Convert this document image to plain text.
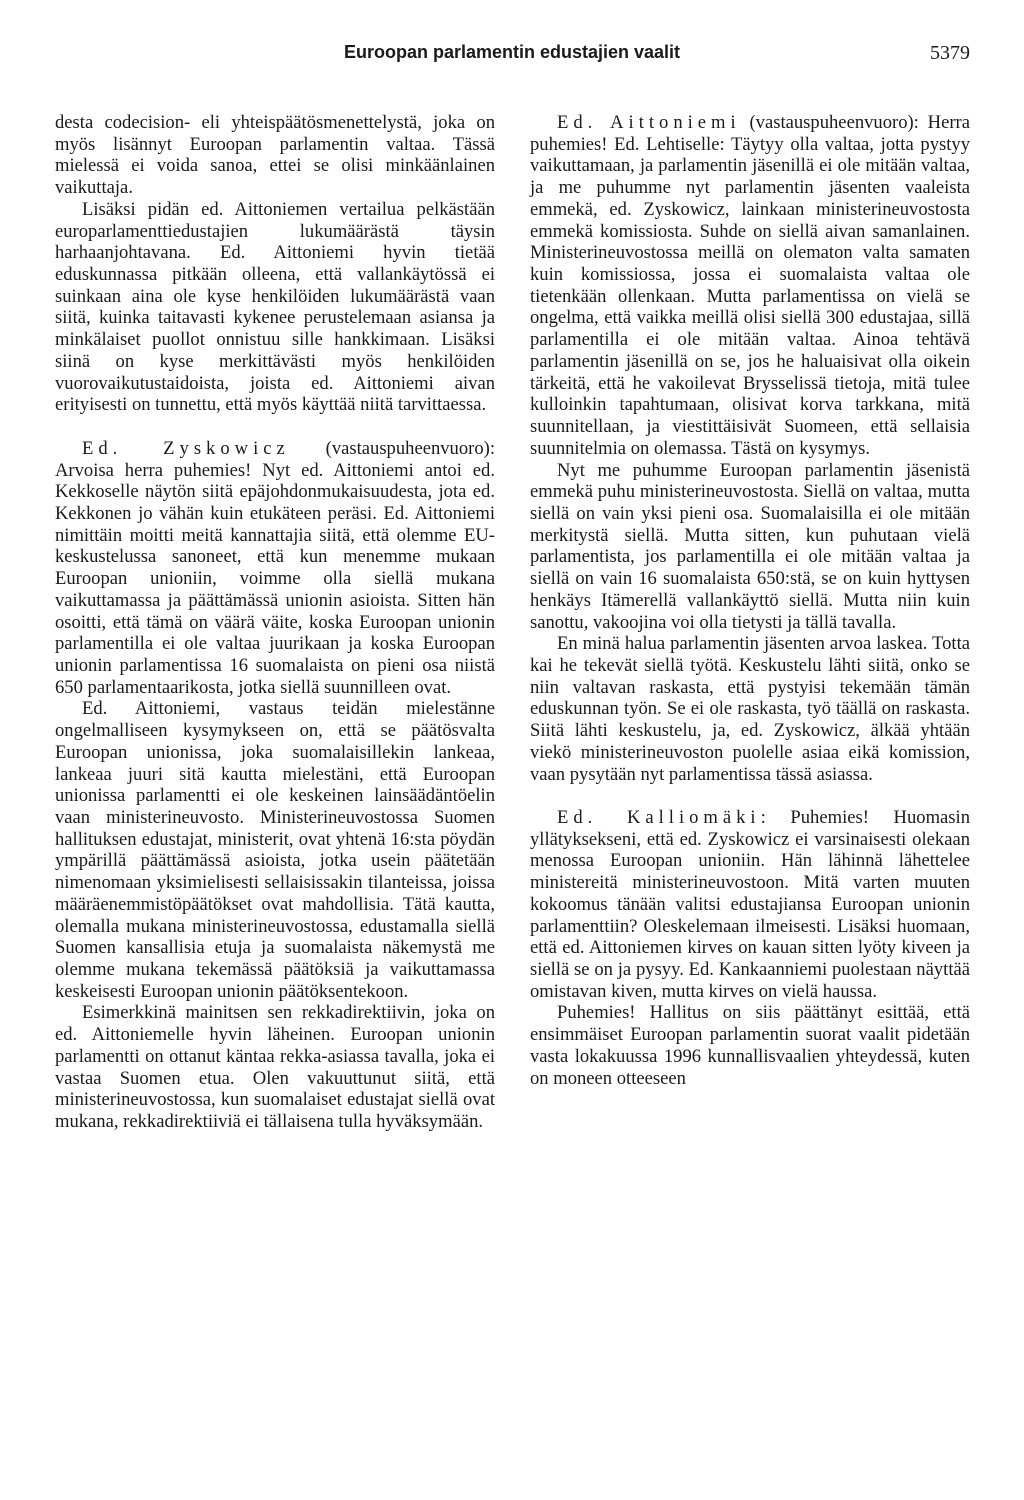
Euroopan parlamentin edustajien vaalit	5379

desta codecision- eli yhteispäätösmenettelystä, joka on myös lisännyt Euroopan parlamentin valtaa. Tässä mielessä ei voida sanoa, ettei se olisi minkäänlainen vaikuttaja.

Lisäksi pidän ed. Aittoniemen vertailua pelkästään europarlamenttiedustajien lukumäärästä täysin harhaanjohtavana. Ed. Aittoniemi hyvin tietää eduskunnassa pitkään olleena, että vallankäytössä ei suinkaan aina ole kyse henkilöiden lukumäärästä vaan siitä, kuinka taitavasti kykenee perustelemaan asiansa ja minkälaiset puollot onnistuu sille hankkimaan. Lisäksi siinä on kyse merkittävästi myös henkilöiden vuorovaikutustaidoista, joista ed. Aittoniemi aivan erityisesti on tunnettu, että myös käyttää niitä tarvittaessa.

Ed. Zyskowicz (vastauspuheenvuoro): Arvoisa herra puhemies! Nyt ed. Aittoniemi antoi ed. Kekkoselle näytön siitä epäjohdonmukaisuudesta, jota ed. Kekkonen jo vähän kuin etukäteen peräsi. Ed. Aittoniemi nimittäin moitti meitä kannattajia siitä, että olemme EU-keskustelussa sanoneet, että kun menemme mukaan Euroopan unioniin, voimme olla siellä mukana vaikuttamassa ja päättämässä unionin asioista. Sitten hän osoitti, että tämä on väärä väite, koska Euroopan unionin parlamentilla ei ole valtaa juurikaan ja koska Euroopan unionin parlamentissa 16 suomalaista on pieni osa niistä 650 parlamentaarikosta, jotka siellä suunnilleen ovat.

Ed. Aittoniemi, vastaus teidän mielestänne ongelmalliseen kysymykseen on, että se päätösvalta Euroopan unionissa, joka suomalaisillekin lankeaa, lankeaa juuri sitä kautta mielestäni, että Euroopan unionissa parlamentti ei ole keskeinen lainsäädäntöelin vaan ministerineuvosto. Ministerineuvostossa Suomen hallituksen edustajat, ministerit, ovat yhtenä 16:sta pöydän ympärillä päättämässä asioista, jotka usein päätetään nimenomaan yksimielisesti sellaisissakin tilanteissa, joissa määräenemmistöpäätökset ovat mahdollisia. Tätä kautta, olemalla mukana ministerineuvostossa, edustamalla siellä Suomen kansallisia etuja ja suomalaista näkemystä me olemme mukana tekemässä päätöksiä ja vaikuttamassa keskeisesti Euroopan unionin päätöksentekoon.

Esimerkkinä mainitsen sen rekkadirektiivin, joka on ed. Aittoniemelle hyvin läheinen. Euroopan unionin parlamentti on ottanut käntaa rekka-asiassa tavalla, joka ei vastaa Suomen etua. Olen vakuuttunut siitä, että ministerineuvostossa, kun suomalaiset edustajat siellä ovat mukana, rekkadirektiiviä ei tällaisena tulla hyväksymään.

Ed. Aittoniemi (vastauspuheenvuoro): Herra puhemies! Ed. Lehtiselle: Täytyy olla valtaa, jotta pystyy vaikuttamaan, ja parlamentin jäsenillä ei ole mitään valtaa, ja me puhumme nyt parlamentin jäsenten vaaleista emmekä, ed. Zyskowicz, lainkaan ministerineuvostosta emmekä komissiosta. Suhde on siellä aivan samanlainen. Ministerineuvostossa meillä on olematon valta samaten kuin komissiossa, jossa ei suomalaista valtaa ole tietenkään ollenkaan. Mutta parlamentissa on vielä se ongelma, että vaikka meillä olisi siellä 300 edustajaa, sillä parlamentilla ei ole mitään valtaa. Ainoa tehtävä parlamentin jäsenillä on se, jos he haluaisivat olla oikein tärkeitä, että he vakoilevat Brysselissä tietoja, mitä tulee kulloinkin tapahtumaan, olisivat korva tarkkana, mitä suunnitellaan, ja viestittäisivät Suomeen, että sellaisia suunnitelmia on olemassa. Tästä on kysymys.

Nyt me puhumme Euroopan parlamentin jäsenistä emmekä puhu ministerineuvostosta. Siellä on valtaa, mutta siellä on vain yksi pieni osa. Suomalaisilla ei ole mitään merkitystä siellä. Mutta sitten, kun puhutaan vielä parlamentista, jos parlamentilla ei ole mitään valtaa ja siellä on vain 16 suomalaista 650:stä, se on kuin hyttysen henkäys Itämerellä vallankäyttö siellä. Mutta niin kuin sanottu, vakoojina voi olla tietysti ja tällä tavalla.

En minä halua parlamentin jäsenten arvoa laskea. Totta kai he tekevät siellä työtä. Keskustelu lähti siitä, onko se niin valtavan raskasta, että pystyisi tekemään tämän eduskunnan työn. Se ei ole raskasta, työ täällä on raskasta. Siitä lähti keskustelu, ja, ed. Zyskowicz, älkää yhtään viekö ministerineuvoston puolelle asiaa eikä komission, vaan pysytään nyt parlamentissa tässä asiassa.

Ed. Kalliomäki: Puhemies! Huomasin yllätyksekseni, että ed. Zyskowicz ei varsinaisesti olekaan menossa Euroopan unioniin. Hän lähinnä lähettelee ministereitä ministerineuvostoon. Mitä varten muuten kokoomus tänään valitsi edustajiansa Euroopan unionin parlamenttiin? Oleskelemaan ilmeisesti. Lisäksi huomaan, että ed. Aittoniemen kirves on kauan sitten lyöty kiveen ja siellä se on ja pysyy. Ed. Kankaanniemi puolestaan näyttää omistavan kiven, mutta kirves on vielä haussa.

Puhemies! Hallitus on siis päättänyt esittää, että ensimmäiset Euroopan parlamentin suorat vaalit pidetään vasta lokakuussa 1996 kunnallisvaalien yhteydessä, kuten on moneen otteeseen
